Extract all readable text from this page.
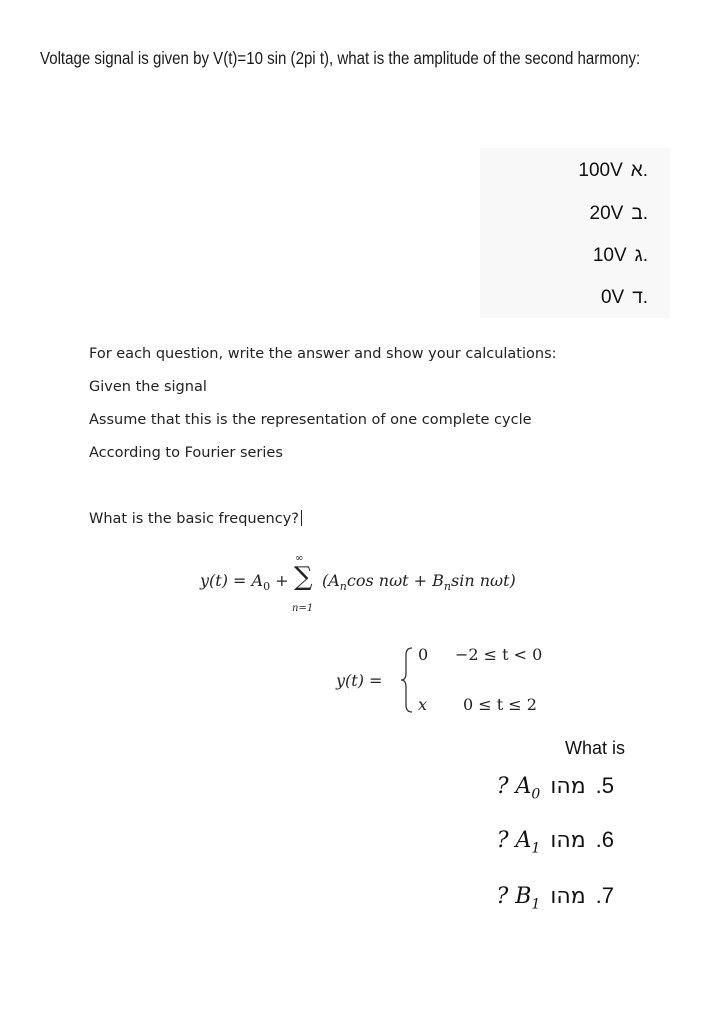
Voltage signal is given by V(t)=10 sin (2pi t), what is the amplitude of the second harmony:
100V .א
20V .ב
10V .ג
0V .ד
For each question, write the answer and show your calculations:
Given the signal
Assume that this is the representation of one complete cycle
According to Fourier series
What is the basic frequency?
$y(t) = A_0$ +
∞
∑
n=1
($A_n\cos$ $n\omega t + B_n\sin$ nωt)
y(t) =
0 −2 ≤ t < 0
x 0 ≤ t ≤ 2
What is
? $A_0$ מהו .5
? $A_1$ מהו .6
? $B_1$ מהו .7
